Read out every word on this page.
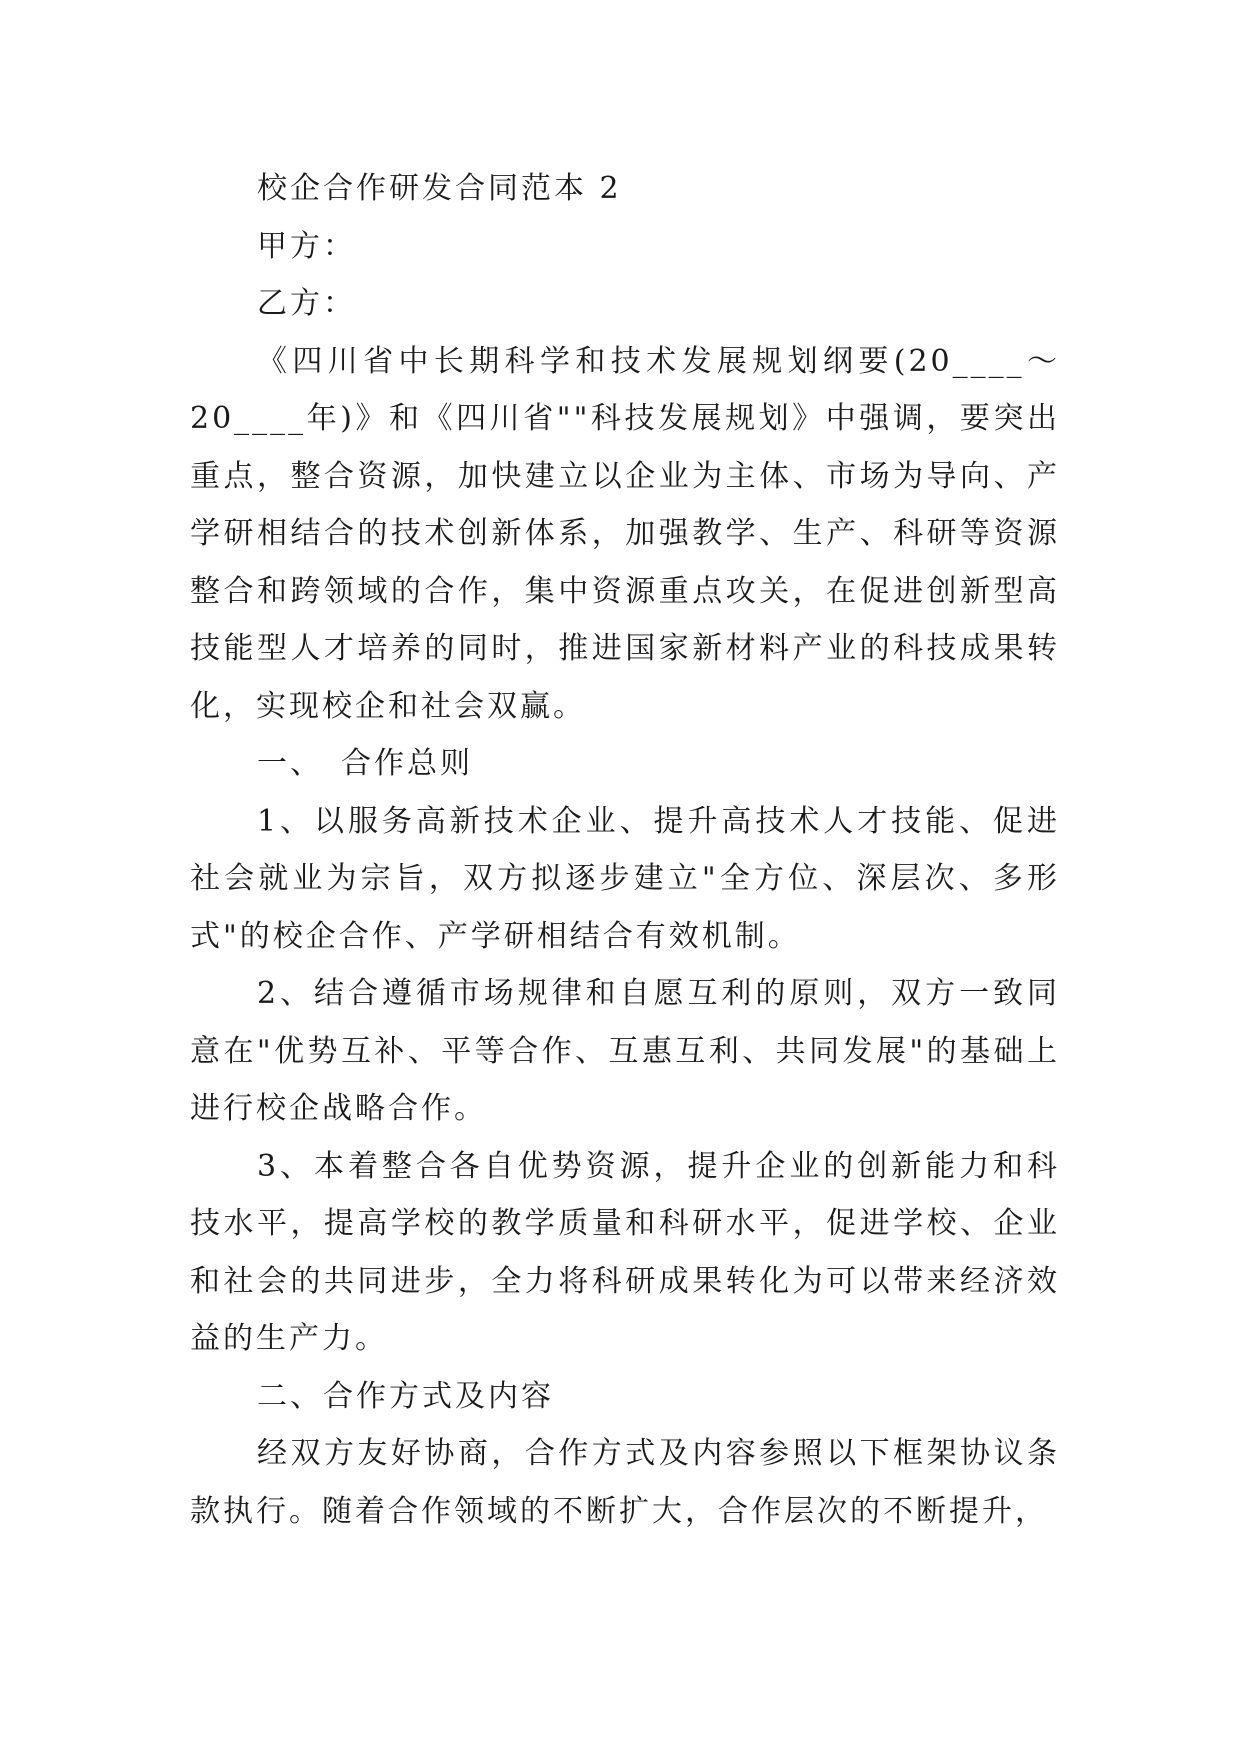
校企合作研发合同范本 2
甲方：
乙方：

《四川省中长期科学和技术发展规划纲要(20____～20____年)》和《四川省""科技发展规划》中强调，要突出重点，整合资源，加快建立以企业为主体、市场为导向、产学研相结合的技术创新体系，加强教学、生产、科研等资源整合和跨领域的合作，集中资源重点攻关，在促进创新型高技能型人才培养的同时，推进国家新材料产业的科技成果转化，实现校企和社会双赢。

一、　合作总则

1、以服务高新技术企业、提升高技术人才技能、促进社会就业为宗旨，双方拟逐步建立"全方位、深层次、多形式"的校企合作、产学研相结合有效机制。

2、结合遵循市场规律和自愿互利的原则，双方一致同意在"优势互补、平等合作、互惠互利、共同发展"的基础上进行校企战略合作。

3、本着整合各自优势资源，提升企业的创新能力和科技水平，提高学校的教学质量和科研水平，促进学校、企业和社会的共同进步，全力将科研成果转化为可以带来经济效益的生产力。

二、合作方式及内容

经双方友好协商，合作方式及内容参照以下框架协议条款执行。随着合作领域的不断扩大，合作层次的不断提升，
